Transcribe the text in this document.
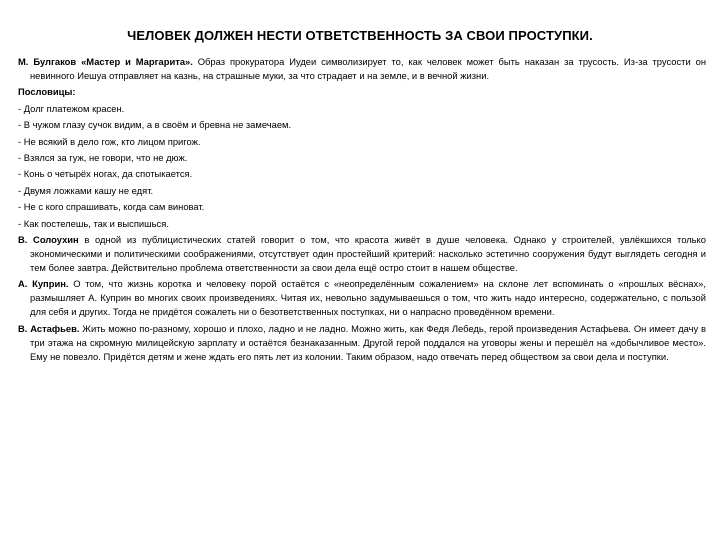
ЧЕЛОВЕК ДОЛЖЕН НЕСТИ ОТВЕТСТВЕННОСТЬ ЗА СВОИ ПРОСТУПКИ.

М. Булгаков «Мастер и Маргарита». Образ прокуратора Иудеи символизирует то, как человек может быть наказан за трусость. Из-за трусости он невинного Иешуа отправляет на казнь, на страшные муки, за что страдает и на земле, и в вечной жизни.

Пословицы:
- Долг платежом красен.
- В чужом глазу сучок видим, а в своём и бревна не замечаем.
- Не всякий в дело гож, кто лицом пригож.
- Взялся за гуж, не говори, что не дюж.
- Конь о четырёх ногах, да спотыкается.
- Двумя ложками кашу не едят.
- Не с кого спрашивать, когда сам виноват.
- Как постелешь, так и выспишься.

В. Солоухин в одной из публицистических статей говорит о том, что красота живёт в душе человека. Однако у строителей, увлёкшихся только экономическими и политическими соображениями, отсутствует один простейший критерий: насколько эстетично сооружения будут выглядеть сегодня и тем более завтра. Действительно проблема ответственности за свои дела ещё остро стоит в нашем обществе.

А. Куприн. О том, что жизнь коротка и человеку порой остаётся с «неопределённым сожалением» на склоне лет вспоминать о «прошлых вёснах», размышляет А. Куприн во многих своих произведениях. Читая их, невольно задумываешься о том, что жить надо интересно, содержательно, с пользой для себя и других. Тогда не придётся сожалеть ни о безответственных поступках, ни о напрасно проведённом времени.

В. Астафьев. Жить можно по-разному, хорошо и плохо, ладно и не ладно. Можно жить, как Федя Лебедь, герой произведения Астафьева. Он имеет дачу в три этажа на скромную милицейскую зарплату и остаётся безнаказанным. Другой герой поддался на уговоры жены и перешёл на «добычливое место». Ему не повезло. Придётся детям и жене ждать его пять лет из колонии. Таким образом, надо отвечать перед обществом за свои дела и поступки.
